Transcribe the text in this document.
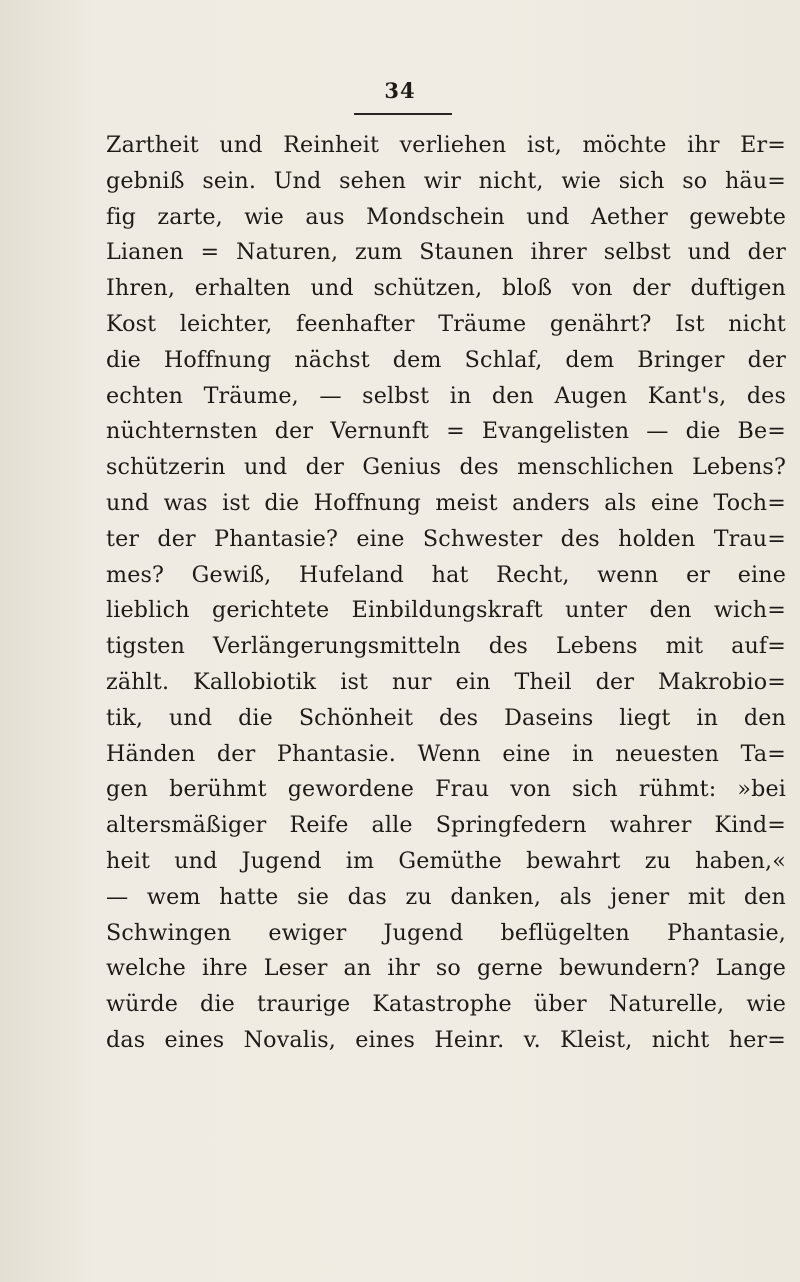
34
Zartheit und Reinheit verliehen ist, möchte ihr Er=
gebniß sein. Und sehen wir nicht, wie sich so häu=
fig zarte, wie aus Mondschein und Aether gewebte
Lianen = Naturen, zum Staunen ihrer selbst und der
Ihren, erhalten und schützen, bloß von der duftigen
Kost leichter, feenhafter Träume genährt? Ist nicht
die Hoffnung nächst dem Schlaf, dem Bringer der
echten Träume, — selbst in den Augen Kant's, des
nüchternsten der Vernunft = Evangelisten — die Be=
schützerin und der Genius des menschlichen Lebens?
und was ist die Hoffnung meist anders als eine Toch=
ter der Phantasie? eine Schwester des holden Trau=
mes? Gewiß, Hufeland hat Recht, wenn er eine
lieblich gerichtete Einbildungskraft unter den wich=
tigsten Verlängerungsmitteln des Lebens mit auf=
zählt. Kallobiotik ist nur ein Theil der Makrobio=
tik, und die Schönheit des Daseins liegt in den
Händen der Phantasie. Wenn eine in neuesten Ta=
gen berühmt gewordene Frau von sich rühmt: »bei
altersmäßiger Reife alle Springfedern wahrer Kind=
heit und Jugend im Gemüthe bewahrt zu haben,«
— wem hatte sie das zu danken, als jener mit den
Schwingen ewiger Jugend beflügelten Phantasie,
welche ihre Leser an ihr so gerne bewundern? Lange
würde die traurige Katastrophe über Naturelle, wie
das eines Novalis, eines Heinr. v. Kleist, nicht her=
